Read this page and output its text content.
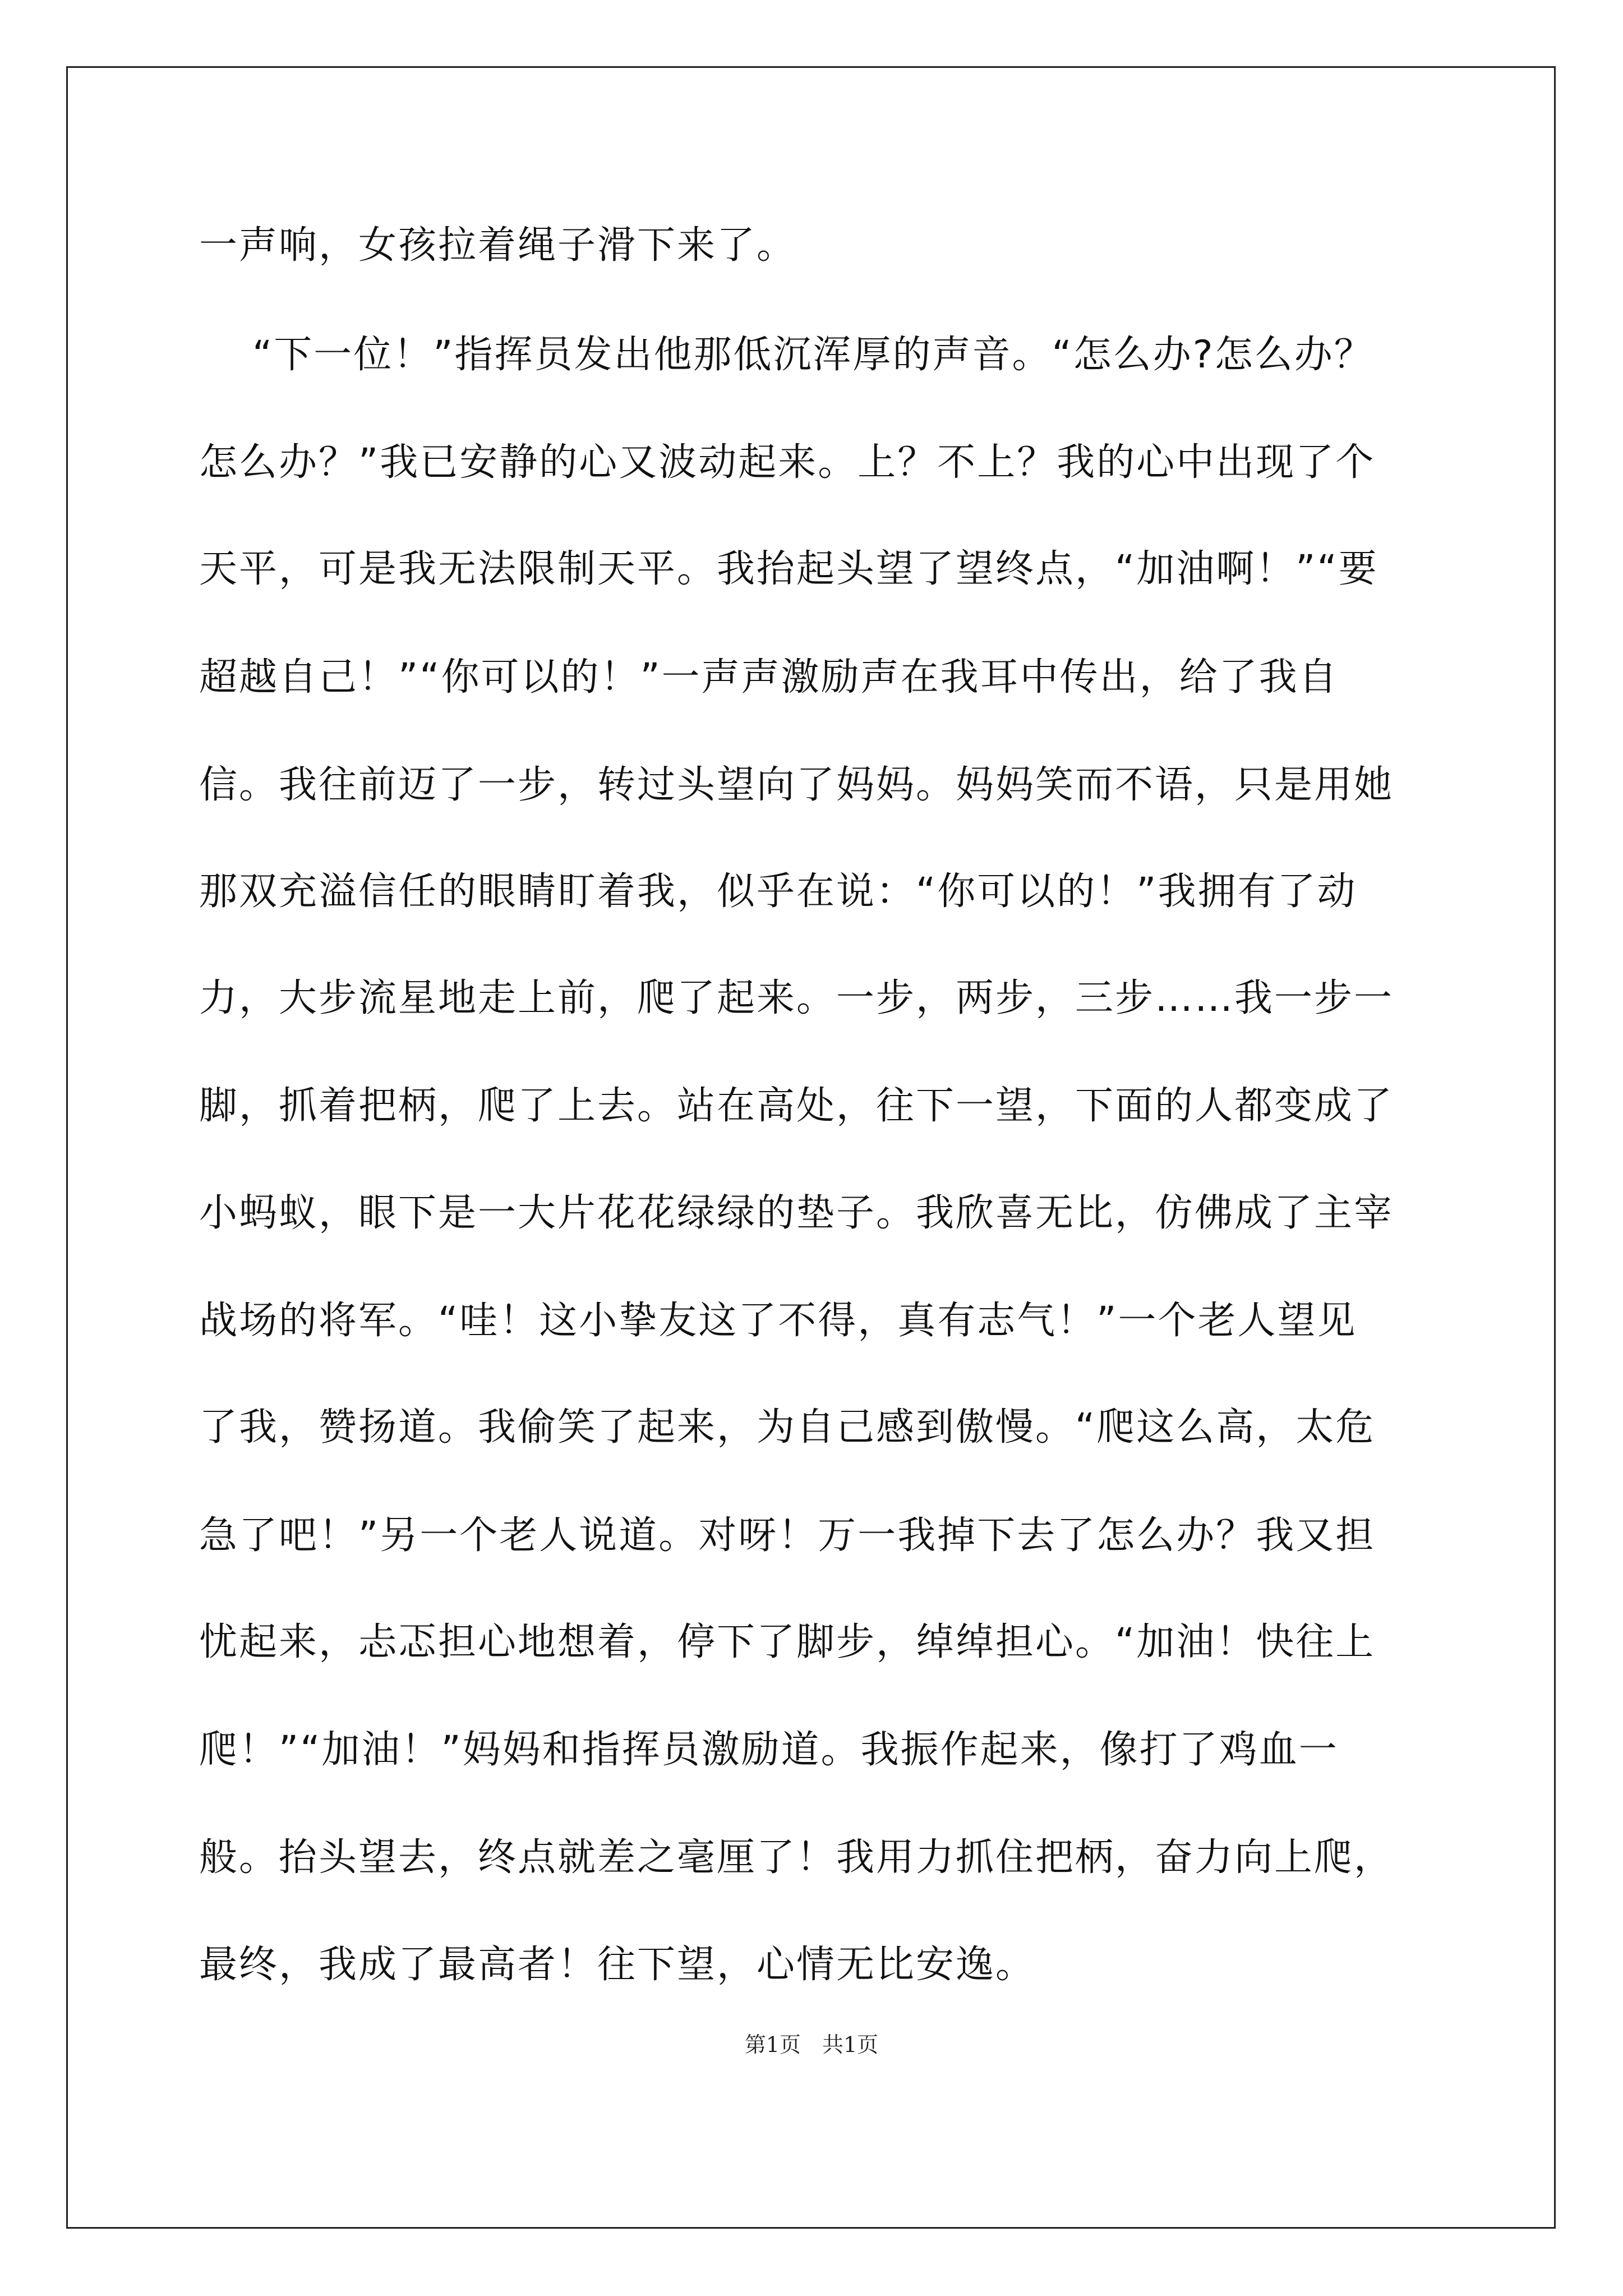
一声响，女孩拉着绳子滑下来了。
“下一位！”指挥员发出他那低沉浑厚的声音。“怎么办?怎么办？
怎么办？”我已安静的心又波动起来。上？不上？我的心中出现了个
天平，可是我无法限制天平。我抬起头望了望终点，“加油啊！”“要
超越自己！”“你可以的！”一声声激励声在我耳中传出，给了我自
信。我往前迈了一步，转过头望向了妈妈。妈妈笑而不语，只是用她
那双充溢信任的眼睛盯着我，似乎在说：“你可以的！”我拥有了动
力，大步流星地走上前，爬了起来。一步，两步，三步……我一步一
脚，抓着把柄，爬了上去。站在高处，往下一望，下面的人都变成了
小蚂蚁，眼下是一大片花花绿绿的垫子。我欣喜无比，仿佛成了主宰
战场的将军。“哇！这小挚友这了不得，真有志气！”一个老人望见
了我，赞扬道。我偷笑了起来，为自己感到傲慢。“爬这么高，太危
急了吧！”另一个老人说道。对呀！万一我掉下去了怎么办？我又担
忧起来，忐忑担心地想着，停下了脚步，绰绰担心。“加油！快往上
爬！”“加油！”妈妈和指挥员激励道。我振作起来，像打了鸡血一
般。抬头望去，终点就差之毫厘了！我用力抓住把柄，奋力向上爬，
最终，我成了最高者！往下望，心情无比安逸。
第1页　共1页
